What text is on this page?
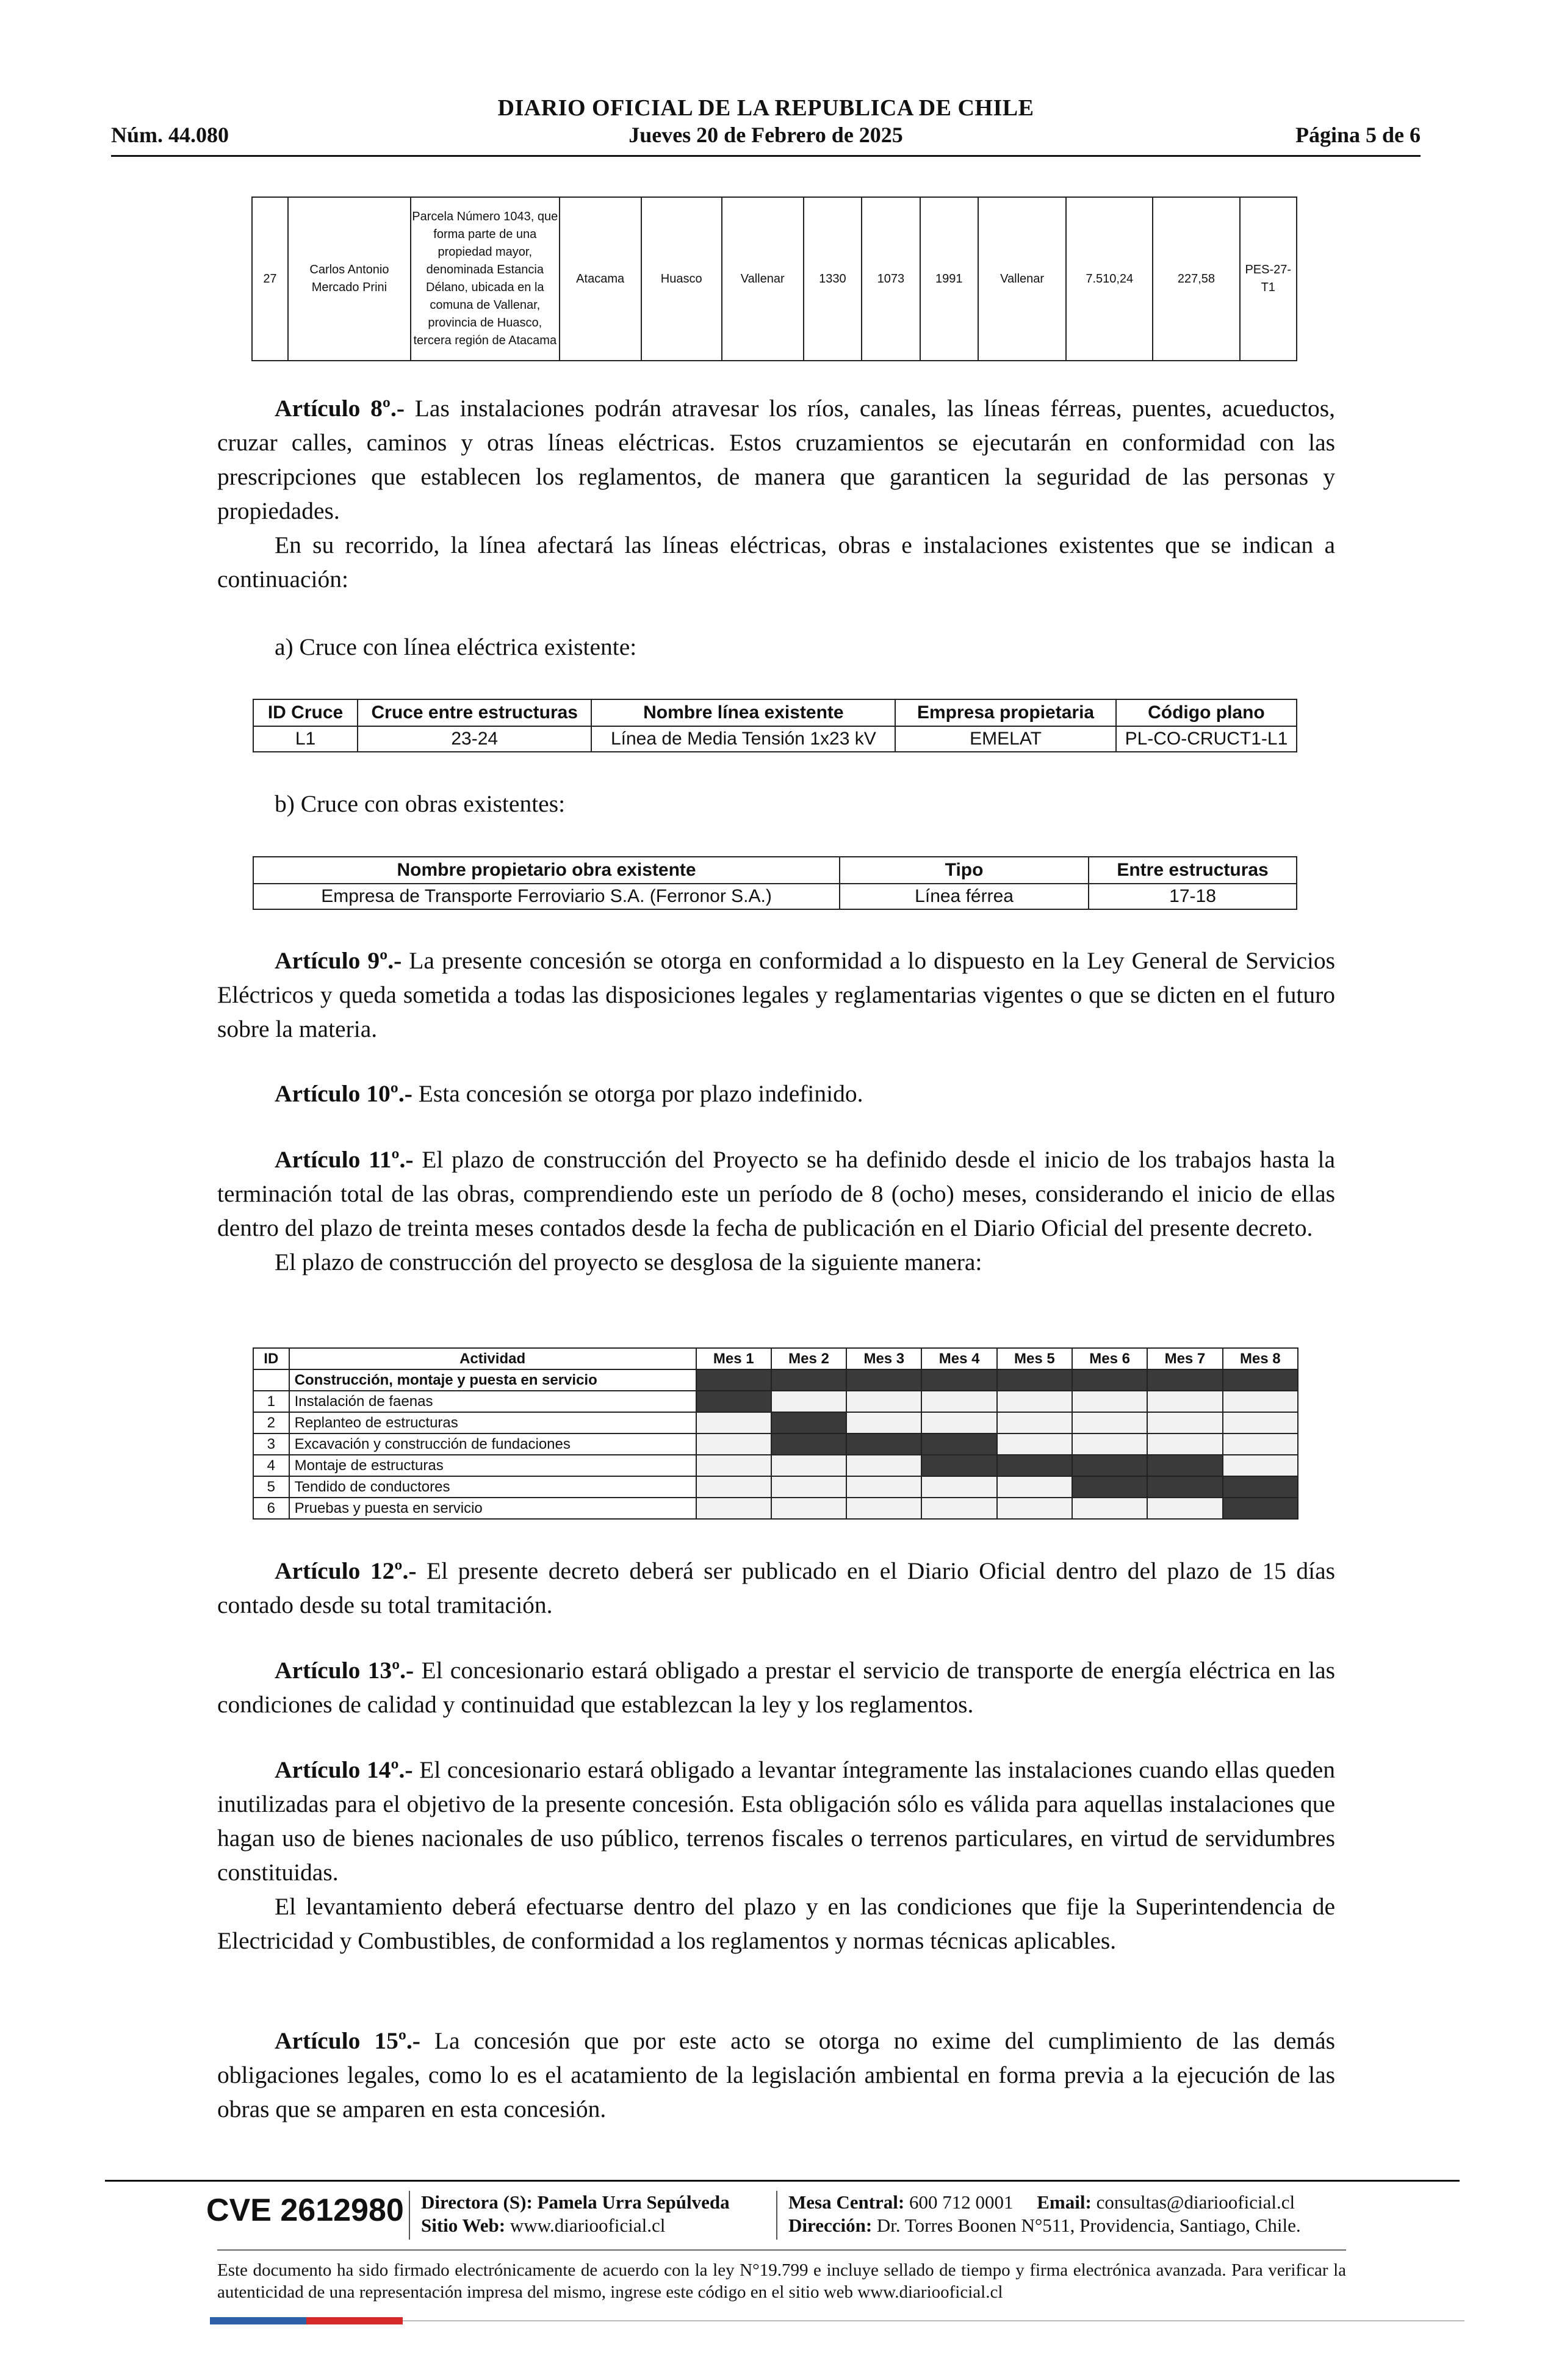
DIARIO OFICIAL DE LA REPUBLICA DE CHILE
Núm. 44.080	Jueves 20 de Febrero de 2025	Página 5 de 6
27	Carlos Antonio Mercado Prini	Parcela Número 1043, que forma parte de una propiedad mayor, denominada Estancia Délano, ubicada en la comuna de Vallenar, provincia de Huasco, tercera región de Atacama	Atacama	Huasco	Vallenar	1330	1073	1991	Vallenar	7.510,24	227,58	PES-27-T1
Artículo 8º.- Las instalaciones podrán atravesar los ríos, canales, las líneas férreas, puentes, acueductos, cruzar calles, caminos y otras líneas eléctricas. Estos cruzamientos se ejecutarán en conformidad con las prescripciones que establecen los reglamentos, de manera que garanticen la seguridad de las personas y propiedades.
En su recorrido, la línea afectará las líneas eléctricas, obras e instalaciones existentes que se indican a continuación:
a) Cruce con línea eléctrica existente:
ID Cruce	Cruce entre estructuras	Nombre línea existente	Empresa propietaria	Código plano
L1	23-24	Línea de Media Tensión 1x23 kV	EMELAT	PL-CO-CRUCT1-L1
b) Cruce con obras existentes:
Nombre propietario obra existente	Tipo	Entre estructuras
Empresa de Transporte Ferroviario S.A. (Ferronor S.A.)	Línea férrea	17-18
Artículo 9º.- La presente concesión se otorga en conformidad a lo dispuesto en la Ley General de Servicios Eléctricos y queda sometida a todas las disposiciones legales y reglamentarias vigentes o que se dicten en el futuro sobre la materia.
Artículo 10º.- Esta concesión se otorga por plazo indefinido.
Artículo 11º.- El plazo de construcción del Proyecto se ha definido desde el inicio de los trabajos hasta la terminación total de las obras, comprendiendo este un período de 8 (ocho) meses, considerando el inicio de ellas dentro del plazo de treinta meses contados desde la fecha de publicación en el Diario Oficial del presente decreto.
El plazo de construcción del proyecto se desglosa de la siguiente manera:
ID	Actividad	Mes 1	Mes 2	Mes 3	Mes 4	Mes 5	Mes 6	Mes 7	Mes 8
	Construcción, montaje y puesta en servicio								
1	Instalación de faenas								
2	Replanteo de estructuras								
3	Excavación y construcción de fundaciones								
4	Montaje de estructuras								
5	Tendido de conductores								
6	Pruebas y puesta en servicio								
Artículo 12º.- El presente decreto deberá ser publicado en el Diario Oficial dentro del plazo de 15 días contado desde su total tramitación.
Artículo 13º.- El concesionario estará obligado a prestar el servicio de transporte de energía eléctrica en las condiciones de calidad y continuidad que establezcan la ley y los reglamentos.
Artículo 14º.- El concesionario estará obligado a levantar íntegramente las instalaciones cuando ellas queden inutilizadas para el objetivo de la presente concesión. Esta obligación sólo es válida para aquellas instalaciones que hagan uso de bienes nacionales de uso público, terrenos fiscales o terrenos particulares, en virtud de servidumbres constituidas.
El levantamiento deberá efectuarse dentro del plazo y en las condiciones que fije la Superintendencia de Electricidad y Combustibles, de conformidad a los reglamentos y normas técnicas aplicables.
Artículo 15º.- La concesión que por este acto se otorga no exime del cumplimiento de las demás obligaciones legales, como lo es el acatamiento de la legislación ambiental en forma previa a la ejecución de las obras que se amparen en esta concesión.
CVE 2612980 Directora (S): Pamela Urra Sepúlveda
Sitio Web: www.diariooficial.cl
Mesa Central: 600 712 0001 Email: consultas@diariooficial.cl
Dirección: Dr. Torres Boonen N°511, Providencia, Santiago, Chile.
Este documento ha sido firmado electrónicamente de acuerdo con la ley N°19.799 e incluye sellado de tiempo y firma electrónica avanzada. Para verificar la autenticidad de una representación impresa del mismo, ingrese este código en el sitio web www.diariooficial.cl
